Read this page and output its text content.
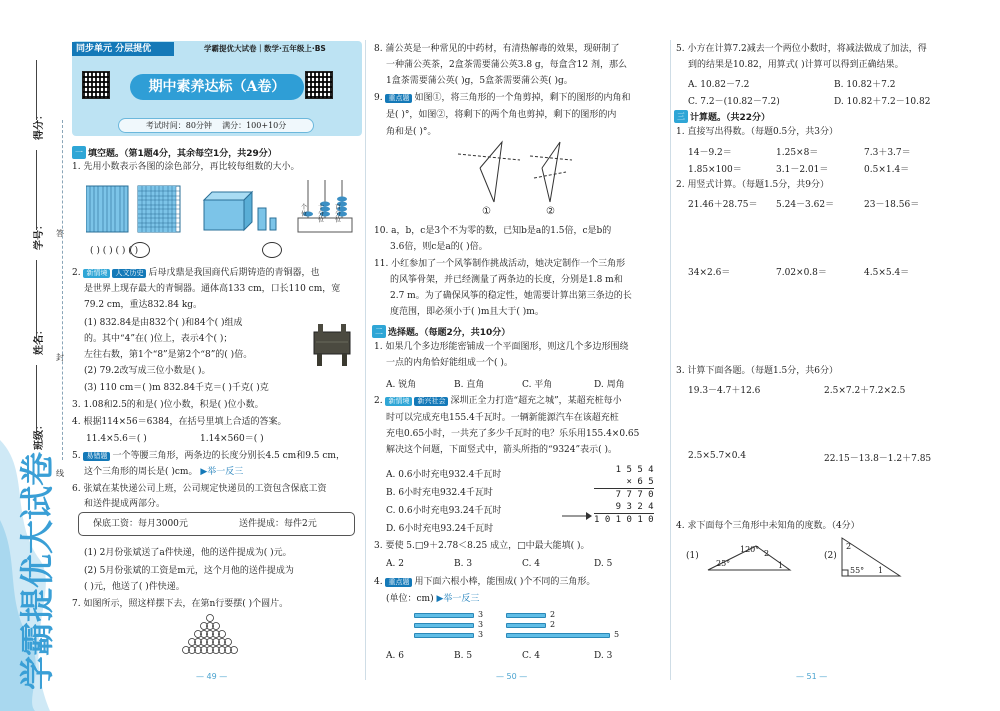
得分：
学号：
姓名：
班级：
答
封
线
学霸提优大试卷
同步单元 分层提优	学霸提优大试卷｜数学·五年级上·BS
期中素养达标（A卷）
考试时间：80分钟 满分：100+10分
一 填空题。（第1题4分，其余每空1分，共29分）
1. 先用小数表示各图的涂色部分，再比较每组数的大小。
个位
十分位
百分位
( ) ( ) ( ) ( )
2. 新情境 人文历史 后母戊鼎是我国商代后期铸造的青铜器，也
是世界上现存最大的青铜器。通体高133 cm，口长110 cm，宽
79.2 cm，重达832.84 kg。
(1) 832.84是由832个( )和84个( )组成
的。其中“4”在( )位上，表示4个( )；
左往右数，第1个“8”是第2个“8”的( )倍。
(2) 79.2改写成三位小数是( )。
(3) 110 cm＝( )m 832.84千克＝( )千克( )克
3. 1.08和2.5的和是( )位小数，积是( )位小数。
4. 根据114×56＝6384，在括号里填上合适的答案。
11.4×5.6＝( )	1.14×560＝( )
5. 易错题 一个等腰三角形，两条边的长度分别长4.5 cm和9.5 cm，
这个三角形的周长是( )cm。 ▶举一反三
6. 张斌在某快递公司上班，公司规定快递员的工资包含保底工资
和送件提成两部分。
保底工资：每月3000元	送件提成：每件2元
(1) 2月份张斌送了a件快递，他的送件提成为( )元。
(2) 5月份张斌的工资是m元，这个月他的送件提成为
( )元，他送了( )件快递。
7. 如图所示，照这样摆下去，在第n行要摆( )个圆片。
— 49 —
8. 蒲公英是一种常见的中药材，有清热解毒的效果，现研制了
一种蒲公英茶，2盒茶需要蒲公英3.8 g，每盒含12 剂，那么
1盒茶需要蒲公英( )g，5盒茶需要蒲公英( )g。
9. 重点题 如图①，将三角形的一个角剪掉，剩下的图形的内角和
是( )°，如图②，将剩下的两个角也剪掉，剩下的图形的内
角和是( )°。
①	②
10. a，b，c是3个不为零的数，已知b是a的1.5倍，c是b的
3.6倍，则c是a的( )倍。
11. 小红参加了一个风筝制作挑战活动，她决定制作一个三角形
的风筝骨架，并已经测量了两条边的长度，分别是1.8 m和
2.7 m。为了确保风筝的稳定性，她需要计算出第三条边的长
度范围，即必须小于( )m且大于( )m。
二 选择题。（每题2分，共10分）
1. 如果几个多边形能密铺成一个平面图形，则这几个多边形围绕
一点的内角恰好能组成一个( )。
A. 锐角	B. 直角	C. 平角	D. 周角
2. 新情境 新兴社会 深圳正全力打造“超充之城”，某超充桩每小
时可以完成充电155.4千瓦时。一辆新能源汽车在该超充桩
充电0.65小时，一共充了多少千瓦时的电？乐乐用155.4×0.65
解决这个问题，下面竖式中，箭头所指的“9324”表示( )。
A. 0.6小时充电932.4千瓦时
B. 6小时充电932.4千瓦时
C. 0.6小时充电93.24千瓦时
D. 6小时充电93.24千瓦时
1 5 5 4
× 6 5
7 7 7 0
9 3 2 4
1 0 1 0 1 0
3. 要使 5.□9＋2.78＜8.25 成立，□中最大能填( )。
A. 2	B. 3	C. 4	D. 5
4. 重点题 用下面六根小棒，能围成( )个不同的三角形。
(单位：cm) ▶举一反三
3
3
3
2
2
5
A. 6	B. 5	C. 4	D. 3
— 50 —
5. 小方在计算7.2减去一个两位小数时，将减法做成了加法，得
到的结果是10.82，用算式( )计算可以得到正确结果。
A. 10.82－7.2	B. 10.82＋7.2
C. 7.2－(10.82－7.2)	D. 10.82＋7.2－10.82
三 计算题。（共22分）
1. 直接写出得数。（每题0.5分，共3分）
14－9.2＝	1.25×8＝	7.3＋3.7＝
1.85×100＝	3.1－2.01＝	0.5×1.4＝
2. 用竖式计算。（每题1.5分，共9分）
21.46＋28.75＝ 5.24－3.62＝	23－18.56＝
34×2.6＝	7.02×0.8＝	4.5×5.4＝
3. 计算下面各题。（每题1.5分，共6分）
19.3－4.7＋12.6	2.5×7.2＋7.2×2.5
2.5×5.7×0.4	22.15－13.8－1.2＋7.85
4. 求下面每个三角形中未知角的度数。（4分）
(1)
120° 2
25°	1
(2)
2
55° 1
— 51 —
